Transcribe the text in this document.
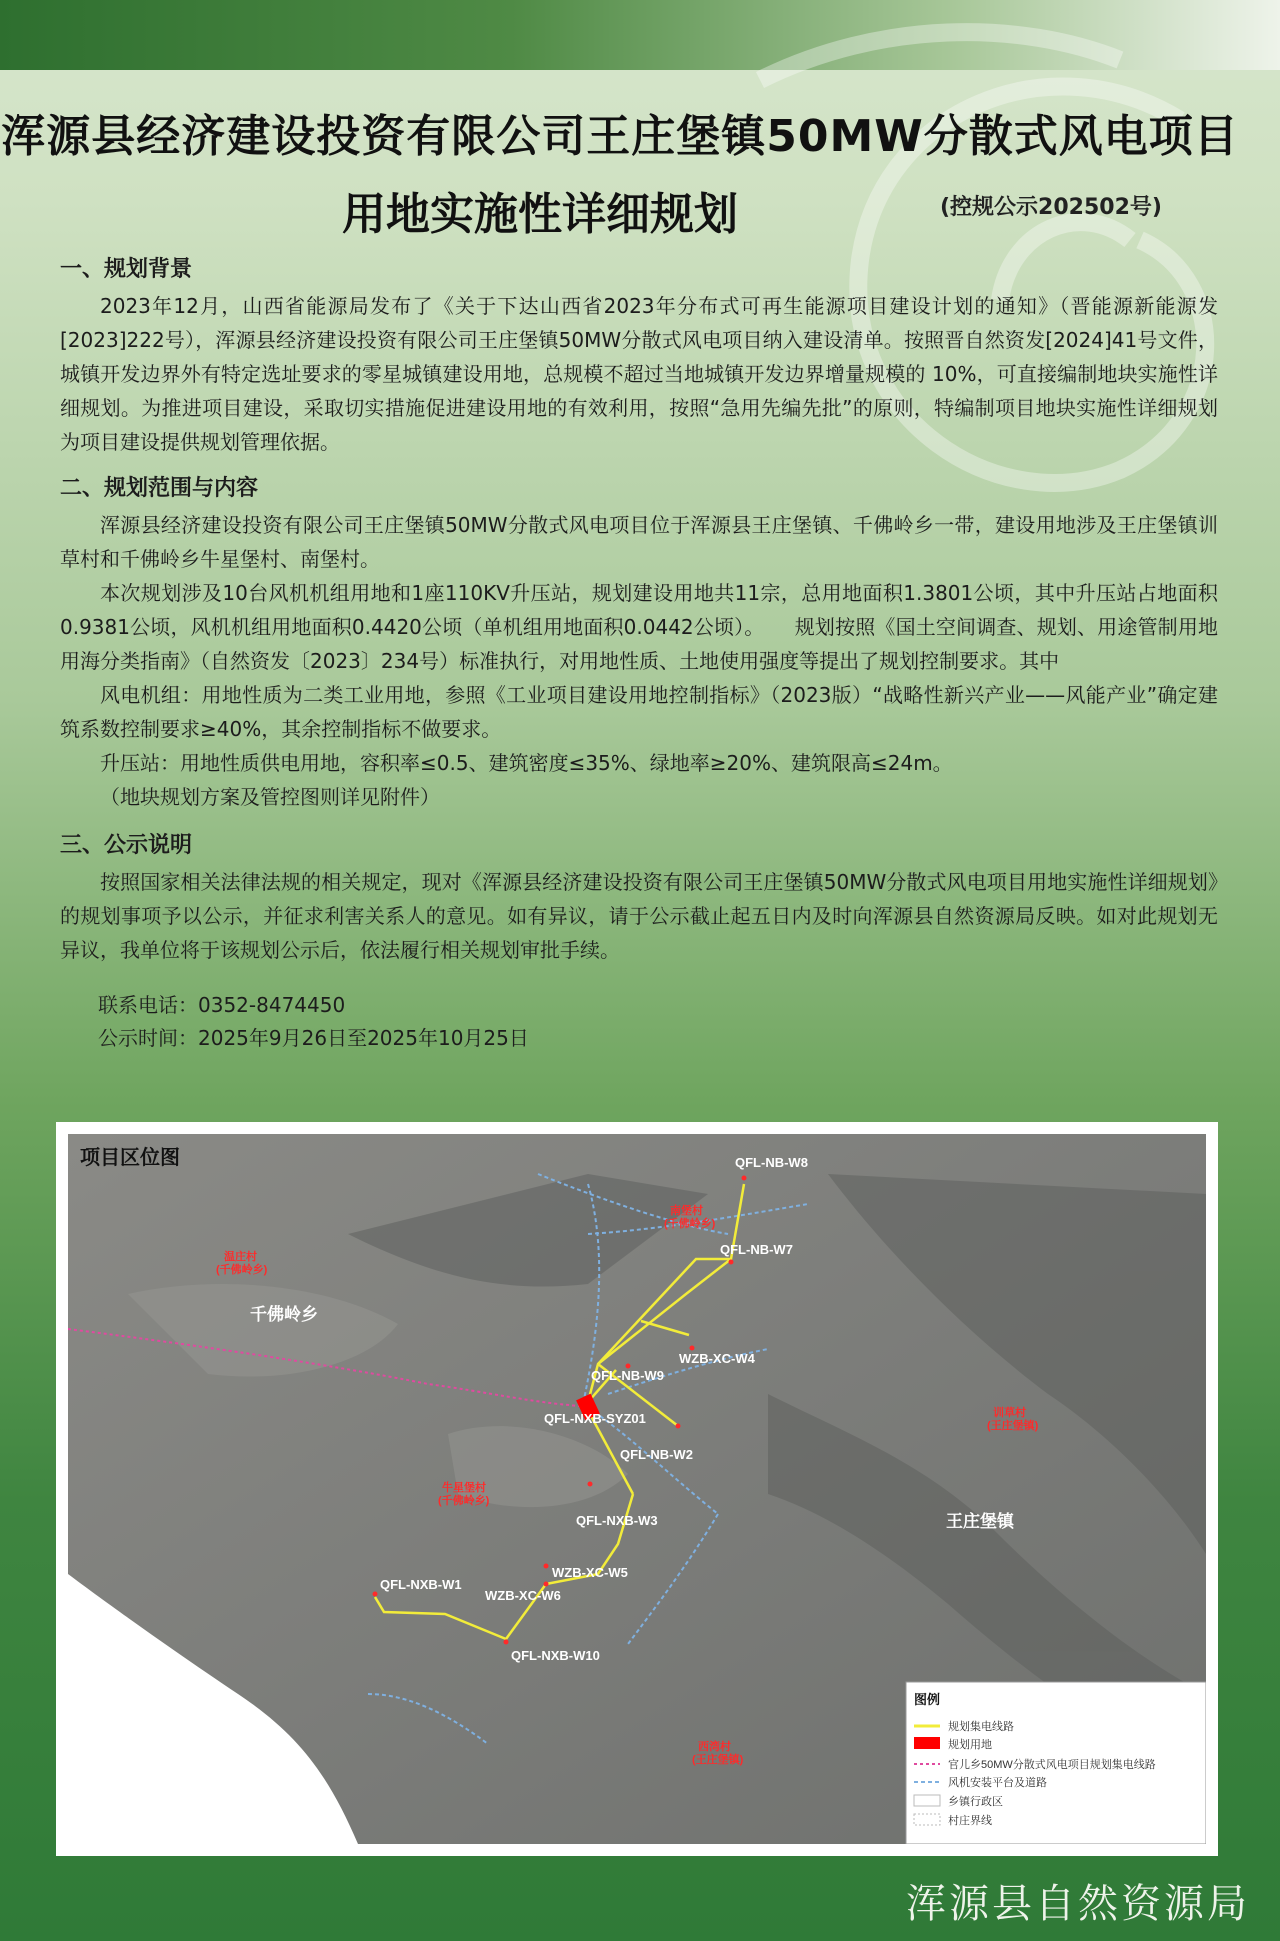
浑源县经济建设投资有限公司王庄堡镇50MW分散式风电项目
用地实施性详细规划	(控规公示202502号)
一、规划背景

2023年12月，山西省能源局发布了《关于下达山西省2023年分布式可再生能源项目建设计划的通知》（晋能源新能源发[2023]222号），浑源县经济建设投资有限公司王庄堡镇50MW分散式风电项目纳入建设清单。按照晋自然资发[2024]41号文件，城镇开发边界外有特定选址要求的零星城镇建设用地，总规模不超过当地城镇开发边界增量规模的 10%，可直接编制地块实施性详细规划。为推进项目建设，采取切实措施促进建设用地的有效利用，按照“急用先编先批”的原则，特编制项目地块实施性详细规划为项目建设提供规划管理依据。

二、规划范围与内容

浑源县经济建设投资有限公司王庄堡镇50MW分散式风电项目位于浑源县王庄堡镇、千佛岭乡一带，建设用地涉及王庄堡镇训草村和千佛岭乡牛星堡村、南堡村。

本次规划涉及10台风机机组用地和1座110KV升压站，规划建设用地共11宗，总用地面积1.3801公顷，其中升压站占地面积0.9381公顷，风机机组用地面积0.4420公顷（单机组用地面积0.0442公顷）。　　规划按照《国土空间调查、规划、用途管制用地用海分类指南》（自然资发〔2023〕234号）标准执行，对用地性质、土地使用强度等提出了规划控制要求。其中

风电机组：用地性质为二类工业用地，参照《工业项目建设用地控制指标》（2023版）“战略性新兴产业——风能产业”确定建筑系数控制要求≥40%，其余控制指标不做要求。

升压站：用地性质供电用地，容积率≤0.5、建筑密度≤35%、绿地率≥20%、建筑限高≤24m。

（地块规划方案及管控图则详见附件）

三、公示说明

按照国家相关法律法规的相关规定，现对《浑源县经济建设投资有限公司王庄堡镇50MW分散式风电项目用地实施性详细规划》的规划事项予以公示，并征求利害关系人的意见。如有异议，请于公示截止起五日内及时向浑源县自然资源局反映。如对此规划无异议，我单位将于该规划公示后，依法履行相关规划审批手续。

联系电话：0352-8474450
公示时间：2025年9月26日至2025年10月25日
QFL-NB-W8
QFL-NB-W7
WZB-XC-W4
QFL-NB-W9
QFL-NXB-SYZ01
QFL-NB-W2
QFL-NXB-W3
WZB-XC-W5
WZB-XC-W6
QFL-NXB-W1
QFL-NXB-W10
千佛岭乡
王庄堡镇
温庄村
(千佛岭乡)
南堡村
(千佛岭乡)
牛星堡村
(千佛岭乡)
训草村
(王庄堡镇)
西湾村
(王庄堡镇)
项目区位图
图例
规划集电线路
规划用地
官儿乡50MW分散式风电项目规划集电线路
风机安装平台及道路
乡镇行政区
村庄界线
浑源县自然资源局
